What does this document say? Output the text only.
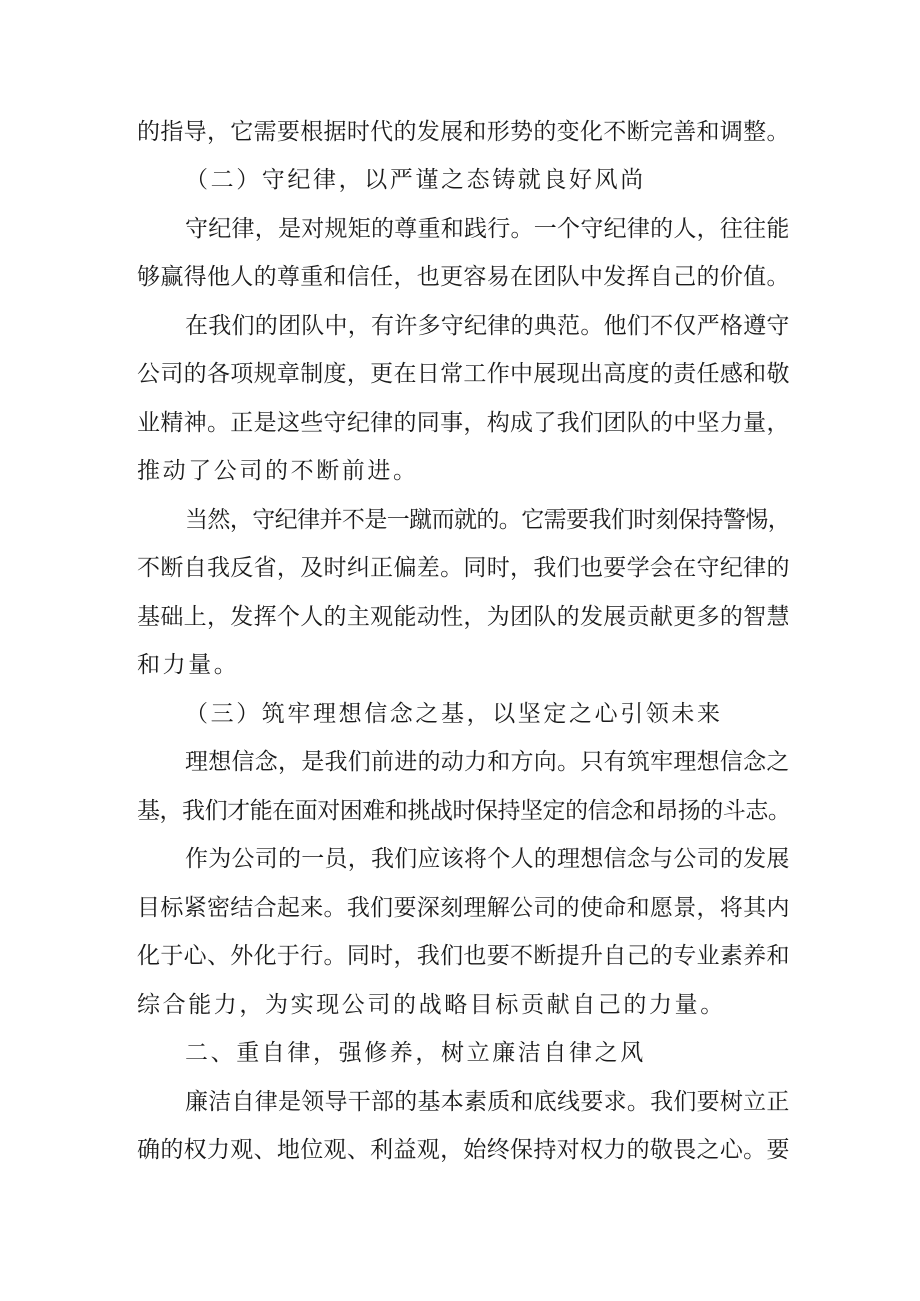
的指导，它需要根据时代的发展和形势的变化不断完善和调整。
（二）守纪律，以严谨之态铸就良好风尚
守纪律，是对规矩的尊重和践行。一个守纪律的人，往往能
够赢得他人的尊重和信任，也更容易在团队中发挥自己的价值。
在我们的团队中，有许多守纪律的典范。他们不仅严格遵守
公司的各项规章制度，更在日常工作中展现出高度的责任感和敬
业精神。正是这些守纪律的同事，构成了我们团队的中坚力量，
推动了公司的不断前进。
当然，守纪律并不是一蹴而就的。它需要我们时刻保持警惕，
不断自我反省，及时纠正偏差。同时，我们也要学会在守纪律的
基础上，发挥个人的主观能动性，为团队的发展贡献更多的智慧
和力量。
（三）筑牢理想信念之基，以坚定之心引领未来
理想信念，是我们前进的动力和方向。只有筑牢理想信念之
基，我们才能在面对困难和挑战时保持坚定的信念和昂扬的斗志。
作为公司的一员，我们应该将个人的理想信念与公司的发展
目标紧密结合起来。我们要深刻理解公司的使命和愿景，将其内
化于心、外化于行。同时，我们也要不断提升自己的专业素养和
综合能力，为实现公司的战略目标贡献自己的力量。
二、重自律，强修养，树立廉洁自律之风
廉洁自律是领导干部的基本素质和底线要求。我们要树立正
确的权力观、地位观、利益观，始终保持对权力的敬畏之心。要
